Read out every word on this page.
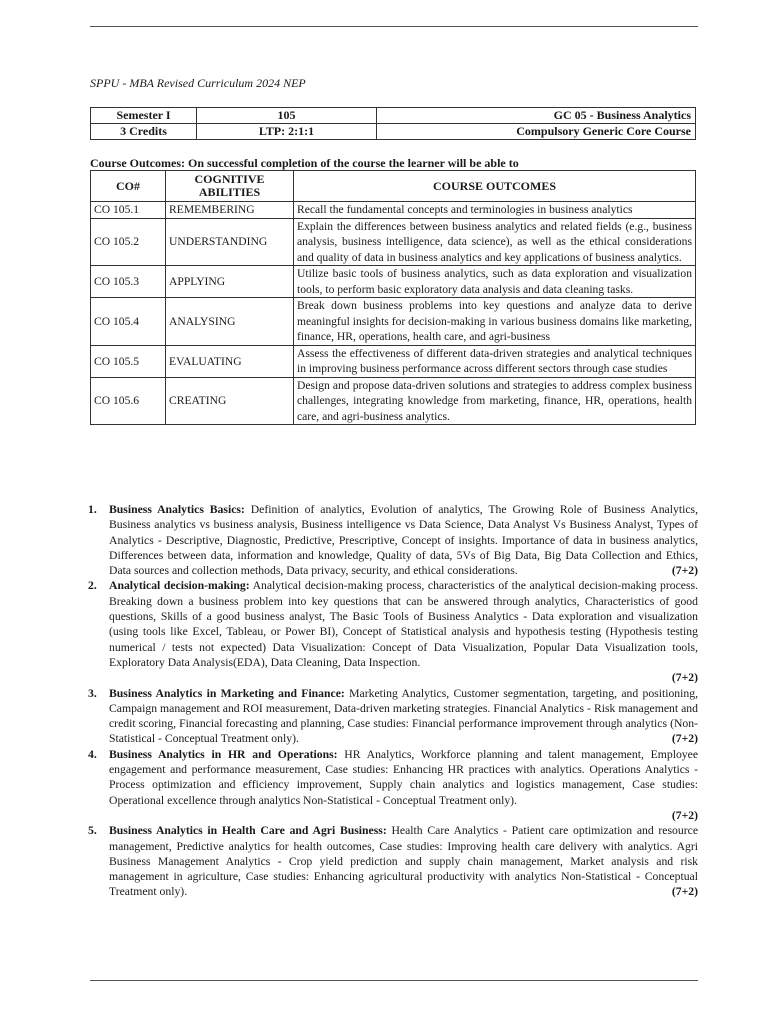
SPPU - MBA Revised Curriculum 2024 NEP
Semester I	105	GC 05 - Business Analytics
3 Credits	LTP: 2:1:1	Compulsory Generic Core Course
Course Outcomes: On successful completion of the course the learner will be able to
CO#	COGNITIVE ABILITIES	COURSE OUTCOMES
CO 105.1	REMEMBERING	Recall the fundamental concepts and terminologies in business analytics
CO 105.2	UNDERSTANDING	Explain the differences between business analytics and related fields (e.g., business analysis, business intelligence, data science), as well as the ethical considerations and quality of data in business analytics and key applications of business analytics.
CO 105.3	APPLYING	Utilize basic tools of business analytics, such as data exploration and visualization tools, to perform basic exploratory data analysis and data cleaning tasks.
CO 105.4	ANALYSING	Break down business problems into key questions and analyze data to derive meaningful insights for decision-making in various business domains like marketing, finance, HR, operations, health care, and agri-business
CO 105.5	EVALUATING	Assess the effectiveness of different data-driven strategies and analytical techniques in improving business performance across different sectors through case studies
CO 105.6	CREATING	Design and propose data-driven solutions and strategies to address complex business challenges, integrating knowledge from marketing, finance, HR, operations, health care, and agri-business analytics.
1. Business Analytics Basics: Definition of analytics, Evolution of analytics, The Growing Role of Business Analytics, Business analytics vs business analysis, Business intelligence vs Data Science, Data Analyst Vs Business Analyst, Types of Analytics - Descriptive, Diagnostic, Predictive, Prescriptive, Concept of insights. Importance of data in business analytics, Differences between data, information and knowledge, Quality of data, 5Vs of Big Data, Big Data Collection and Ethics, Data sources and collection methods, Data privacy, security, and ethical considerations.	(7+2)
2. Analytical decision-making: Analytical decision-making process, characteristics of the analytical decision-making process. Breaking down a business problem into key questions that can be answered through analytics, Characteristics of good questions, Skills of a good business analyst, The Basic Tools of Business Analytics - Data exploration and visualization (using tools like Excel, Tableau, or Power BI), Concept of Statistical analysis and hypothesis testing (Hypothesis testing numerical / tests not expected) Data Visualization: Concept of Data Visualization, Popular Data Visualization tools, Exploratory Data Analysis(EDA), Data Cleaning, Data Inspection.
(7+2)
3. Business Analytics in Marketing and Finance: Marketing Analytics, Customer segmentation, targeting, and positioning, Campaign management and ROI measurement, Data-driven marketing strategies. Financial Analytics - Risk management and credit scoring, Financial forecasting and planning, Case studies: Financial performance improvement through analytics (Non-Statistical - Conceptual Treatment only).	(7+2)
4. Business Analytics in HR and Operations: HR Analytics, Workforce planning and talent management, Employee engagement and performance measurement, Case studies: Enhancing HR practices with analytics. Operations Analytics - Process optimization and efficiency improvement, Supply chain analytics and logistics management, Case studies: Operational excellence through analytics Non-Statistical - Conceptual Treatment only).
(7+2)
5. Business Analytics in Health Care and Agri Business: Health Care Analytics - Patient care optimization and resource management, Predictive analytics for health outcomes, Case studies: Improving health care delivery with analytics. Agri Business Management Analytics - Crop yield prediction and supply chain management, Market analysis and risk management in agriculture, Case studies: Enhancing agricultural productivity with analytics Non-Statistical - Conceptual Treatment only).	(7+2)
